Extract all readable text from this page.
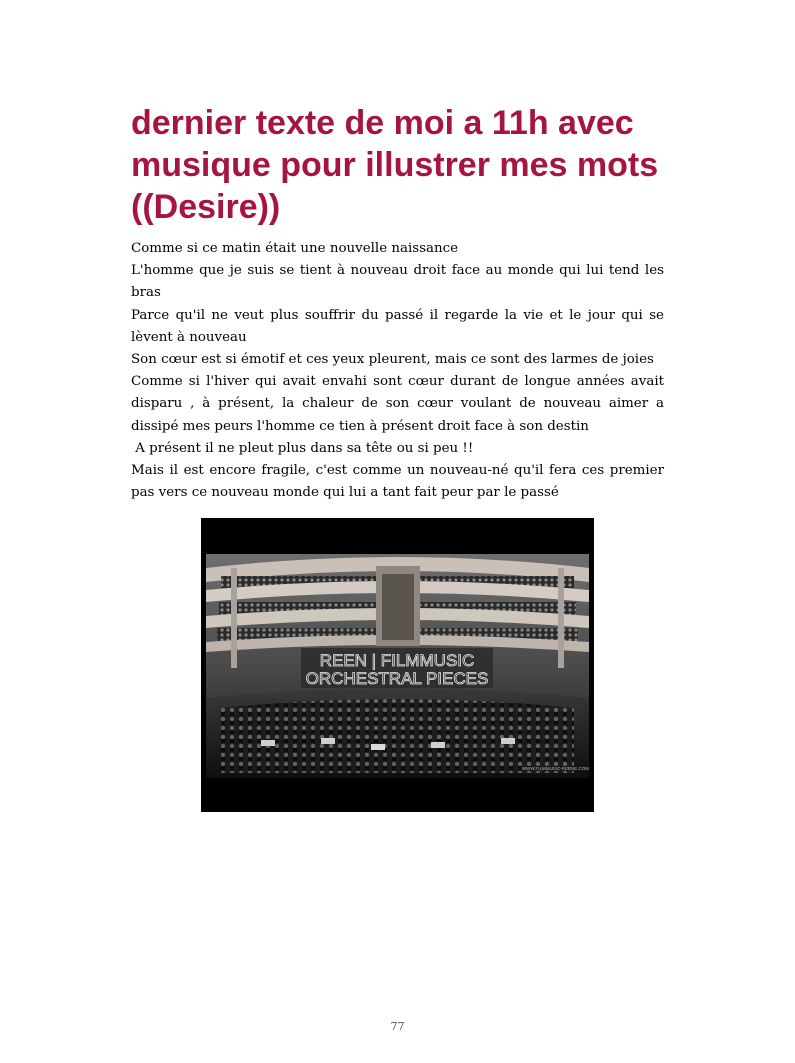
dernier texte de moi a 11h avec musique pour illustrer mes mots ((Desire))

Comme si ce matin était une nouvelle naissance

L'homme que je suis se tient à nouveau droit face au monde qui lui tend les bras

Parce qu'il ne veut plus souffrir du passé il regarde la vie et le jour qui se lèvent à nouveau

Son cœur est si émotif et ces yeux pleurent, mais ce sont des larmes de joies

Comme si l'hiver qui avait envahi sont cœur durant de longue années avait disparu , à présent, la chaleur de son cœur voulant de nouveau aimer a dissipé mes peurs l'homme ce tien à présent droit face à son destin

A présent il ne pleut plus dans sa tête ou si peu !!

Mais il est encore fragile, c'est comme un nouveau-né qu'il fera ces premier pas vers ce nouveau monde qui lui a tant fait peur par le passé

REEN | FILMMUSIC
ORCHESTRAL PIECES
WWW.FILMMUSIC-REENE.COM
77
